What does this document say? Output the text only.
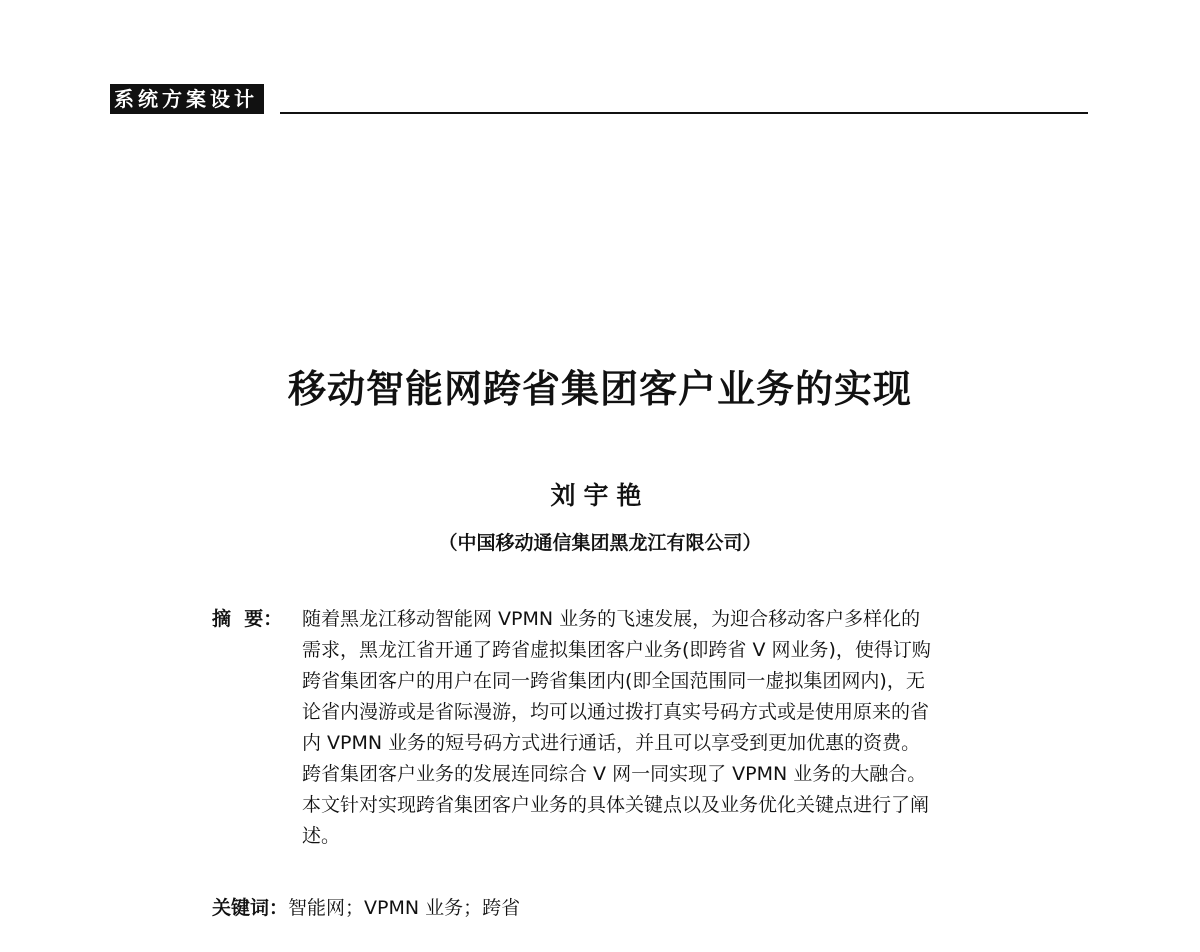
系统方案设计
移动智能网跨省集团客户业务的实现
刘宇艳
（中国移动通信集团黑龙江有限公司）
摘  要：	随着黑龙江移动智能网 VPMN 业务的飞速发展，为迎合移动客户多样化的
需求，黑龙江省开通了跨省虚拟集团客户业务(即跨省 V 网业务)，使得订购
跨省集团客户的用户在同一跨省集团内(即全国范围同一虚拟集团网内)，无
论省内漫游或是省际漫游，均可以通过拨打真实号码方式或是使用原来的省
内 VPMN 业务的短号码方式进行通话，并且可以享受到更加优惠的资费。
跨省集团客户业务的发展连同综合 V 网一同实现了 VPMN 业务的大融合。
本文针对实现跨省集团客户业务的具体关键点以及业务优化关键点进行了阐
述。
关键词：智能网；VPMN 业务；跨省
